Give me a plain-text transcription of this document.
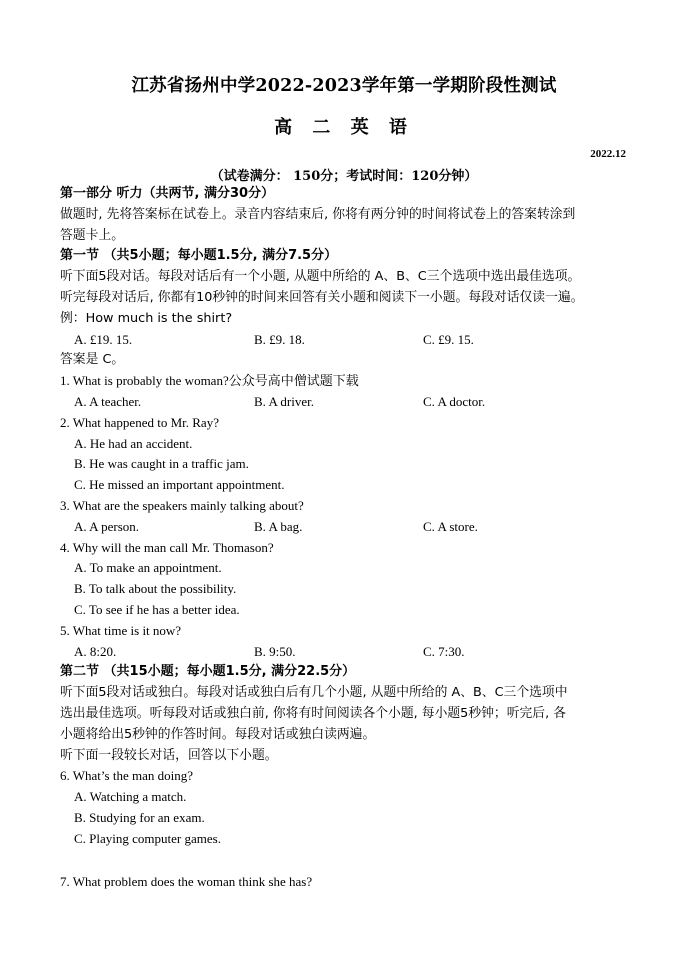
江苏省扬州中学2022-2023学年第一学期阶段性测试
高 二 英 语
2022.12
（试卷满分： 150分；考试时间：120分钟）
第一部分 听力（共两节, 满分30分）
做题时, 先将答案标在试卷上。录音内容结束后, 你将有两分钟的时间将试卷上的答案转涂到
答题卡上。
第一节 （共5小题；每小题1.5分, 满分7.5分）
听下面5段对话。每段对话后有一个小题, 从题中所给的 A、B、C三个选项中选出最佳选项。
听完每段对话后, 你都有10秒钟的时间来回答有关小题和阅读下一小题。每段对话仅读一遍。
例：How much is the shirt?
A. £19. 15.	B. £9. 18.	C. £9. 15.
答案是 C。
1. What is probably the woman?公众号高中僧试题下载
A. A teacher.	B. A driver.	C. A doctor.
2. What happened to Mr. Ray?
A. He had an accident.
B. He was caught in a traffic jam.
C. He missed an important appointment.
3. What are the speakers mainly talking about?
A. A person.	B. A bag.	C. A store.
4. Why will the man call Mr. Thomason?
A. To make an appointment.
B. To talk about the possibility.
C. To see if he has a better idea.
5. What time is it now?
A. 8:20.	B. 9:50.	C. 7:30.
第二节 （共15小题；每小题1.5分, 满分22.5分）
听下面5段对话或独白。每段对话或独白后有几个小题, 从题中所给的 A、B、C三个选项中
选出最佳选项。听每段对话或独白前, 你将有时间阅读各个小题, 每小题5秒钟；听完后, 各
小题将给出5秒钟的作答时间。每段对话或独白读两遍。
听下面一段较长对话，回答以下小题。
6. What’s the man doing?
A. Watching a match.
B. Studying for an exam.
C. Playing computer games.
7. What problem does the woman think she has?
